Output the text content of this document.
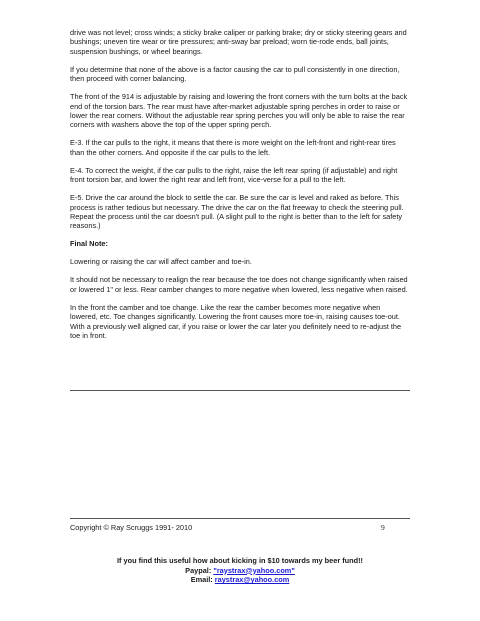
drive was not level; cross winds; a sticky brake caliper or parking brake; dry or sticky steering gears and bushings; uneven tire wear or tire pressures; anti-sway bar preload; worn tie-rode ends, ball joints, suspension bushings, or wheel bearings.

If you determine that none of the above is a factor causing the car to pull consistently in one direction, then proceed with corner balancing.

The front of the 914 is adjustable by raising and lowering the front corners with the turn bolts at the back end of the torsion bars. The rear must have after-market adjustable spring perches in order to raise or lower the rear corners. Without the adjustable rear spring perches you will only be able to raise the rear corners with washers above the top of the upper spring perch.

E-3. If the car pulls to the right, it means that there is more weight on the left-front and right-rear tires than the other corners. And opposite if the car pulls to the left.

E-4. To correct the weight, if the car pulls to the right, raise the left rear spring (if adjustable) and right front torsion bar, and lower the right rear and left front, vice-verse for a pull to the left.

E-5. Drive the car around the block to settle the car. Be sure the car is level and raked as before. This process is rather tedious but necessary. The drive the car on the flat freeway to check the steering pull. Repeat the process until the car doesn't pull. (A slight pull to the right is better than to the left for safety reasons.)

Final Note:

Lowering or raising the car will affect camber and toe-in.

It should not be necessary to realign the rear because the toe does not change significantly when raised or lowered 1" or less. Rear camber changes to more negative when lowered, less negative when raised.

In the front the camber and toe change. Like the rear the camber becomes more negative when lowered, etc. Toe changes significantly. Lowering the front causes more toe-in, raising causes toe-out. With a previously well aligned car, if you raise or lower the car later you definitely need to re-adjust the toe in front.

Copyright © Ray Scruggs 1991- 2010	9
If you find this useful how about kicking in $10 towards my beer fund!!
Paypal: "raystrax@yahoo.com"
Email: raystrax@yahoo.com
